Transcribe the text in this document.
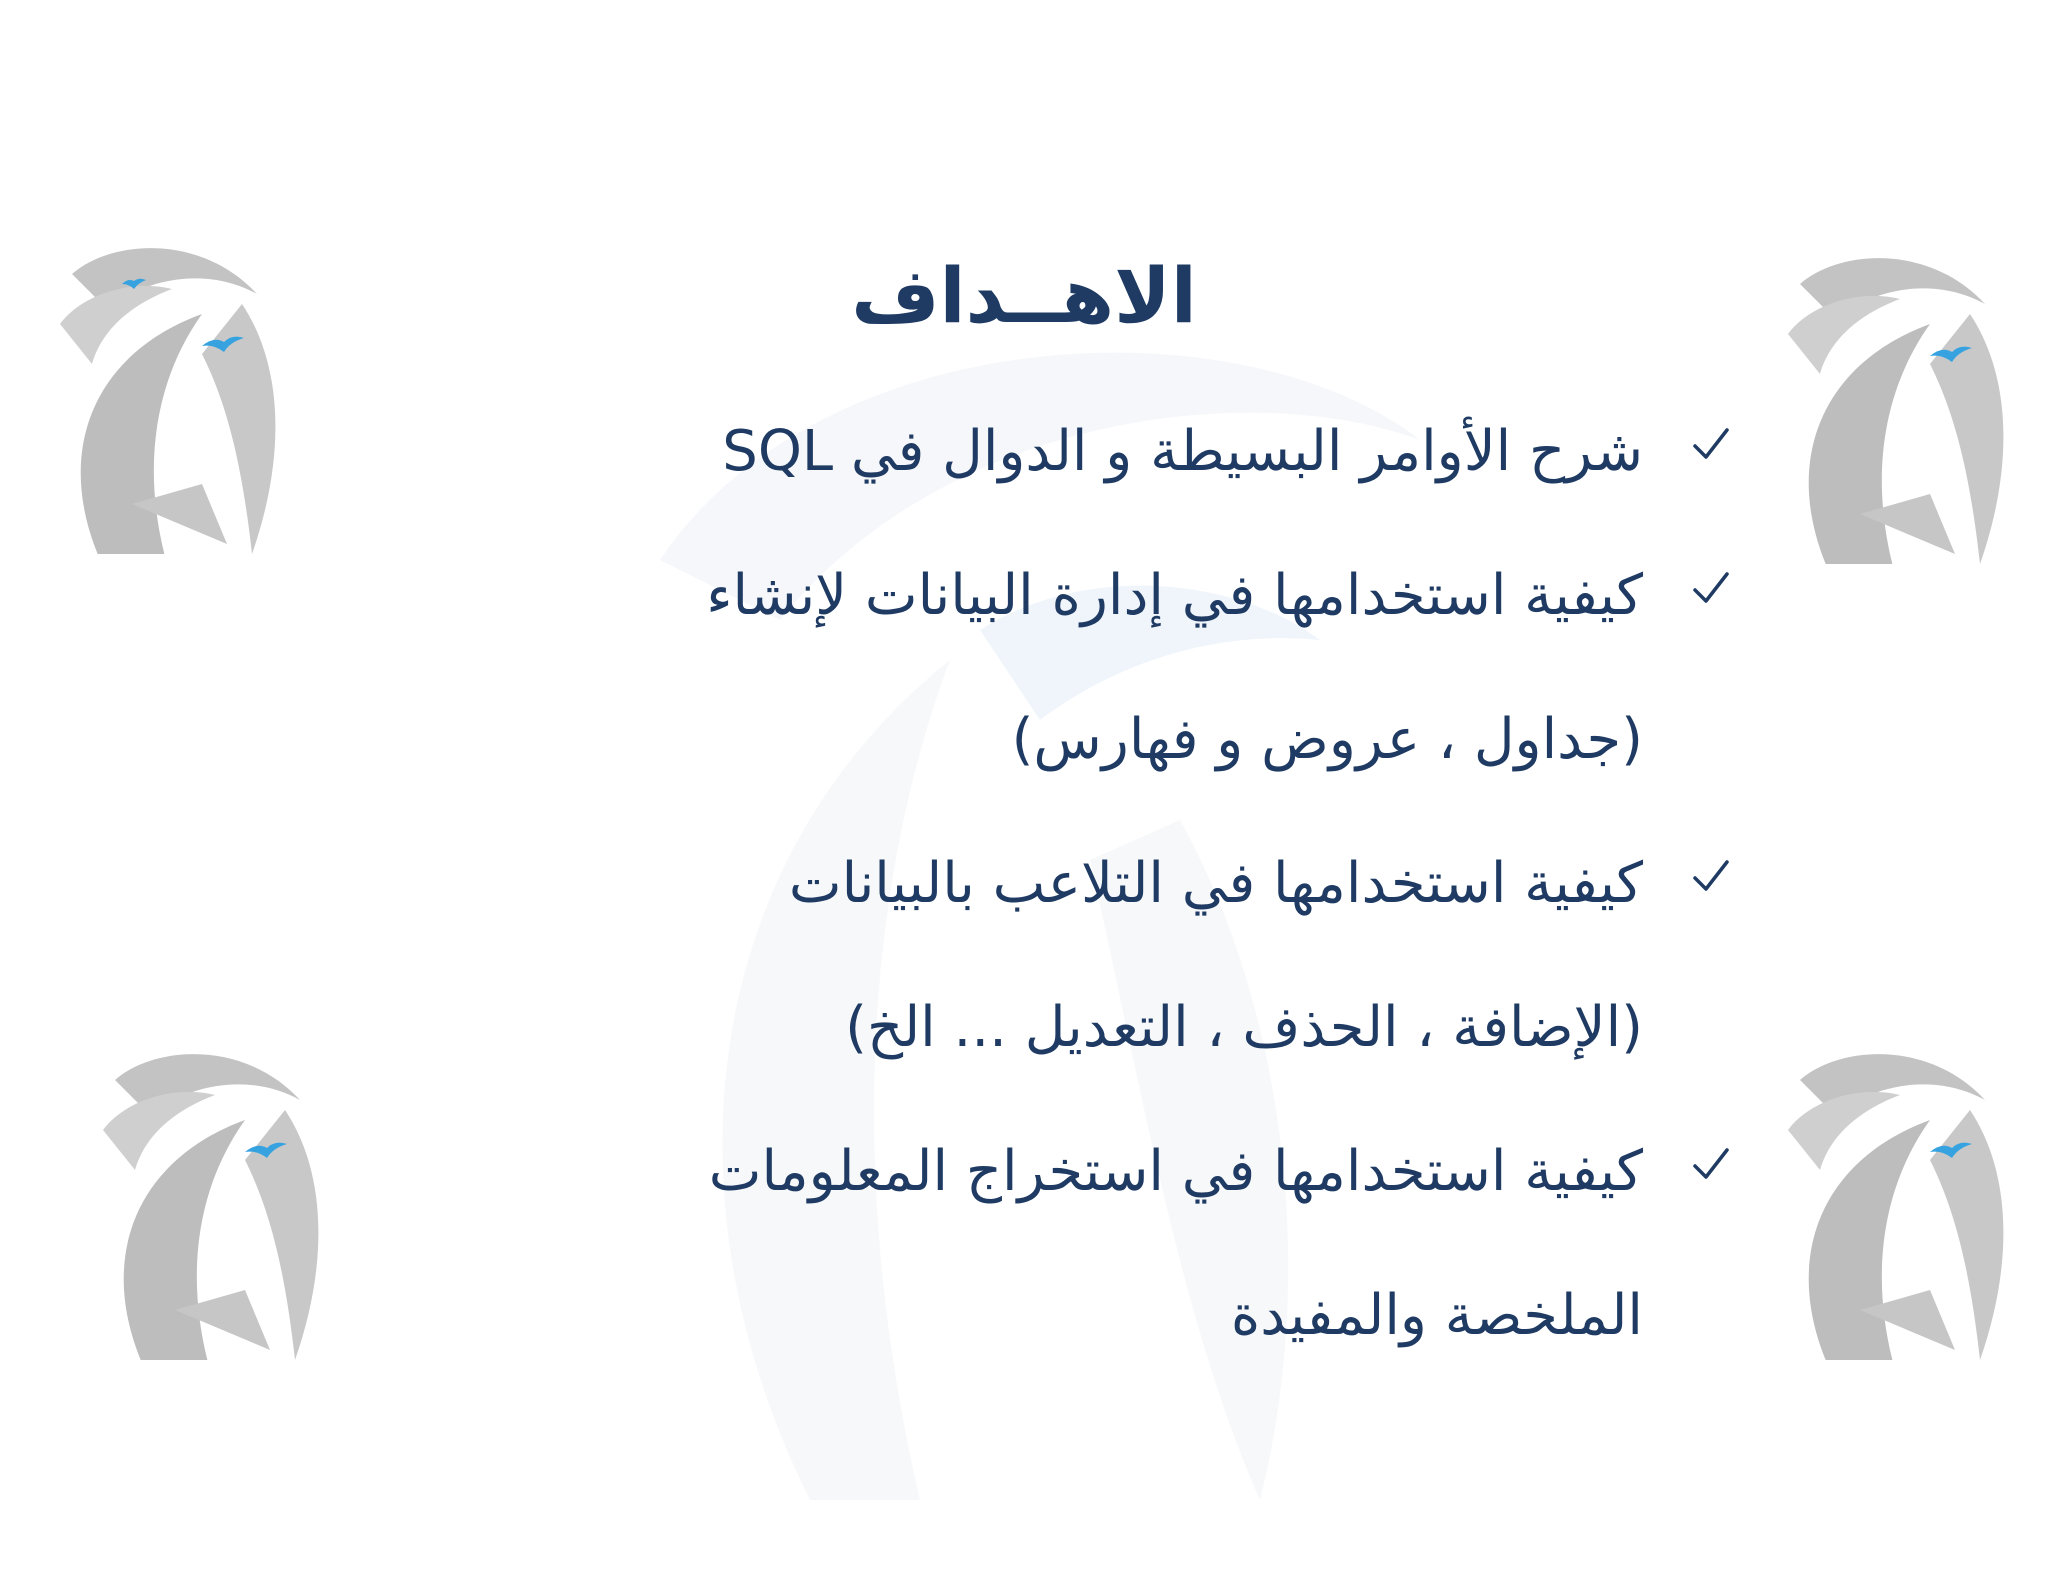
الاهــداف
شرح الأوامر البسيطة و الدوال في SQL
كيفية استخدامها في إدارة البيانات لإنشاء
(جداول ، عروض و فهارس)
كيفية استخدامها في التلاعب بالبيانات
(الإضافة ، الحذف ، التعديل ... الخ)
كيفية استخدامها في استخراج المعلومات
الملخصة والمفيدة
